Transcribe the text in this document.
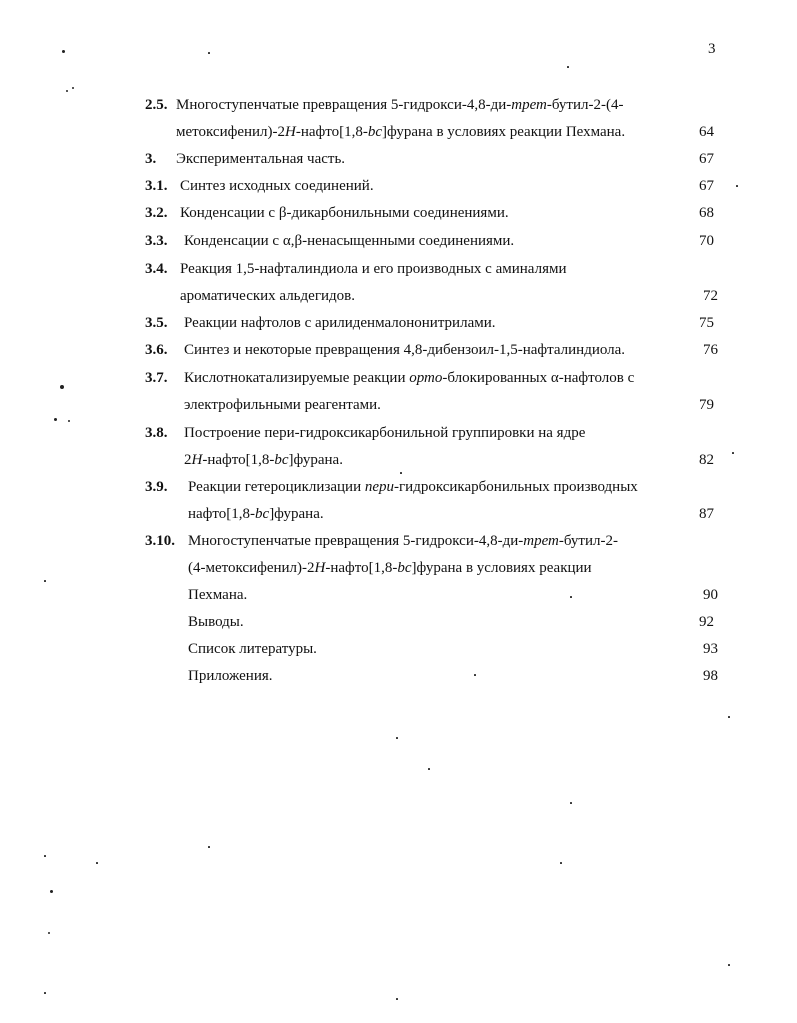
3
2.5. Многоступенчатые превращения 5-гидрокси-4,8-ди-трет-бутил-2-(4-
метоксифенил)-2H-нафто[1,8-bc]фурана в условиях реакции Пехмана.	64
3. Экспериментальная часть.	67
3.1. Синтез исходных соединений.	67
3.2. Конденсации с β-дикарбонильными соединениями.	68
3.3. Конденсации с α,β-ненасыщенными соединениями.	70
3.4. Реакция 1,5-нафталиндиола и его производных с аминалями
ароматических альдегидов.	72
3.5. Реакции нафтолов с арилиденмалононитрилами.	75
3.6. Синтез и некоторые превращения 4,8-дибензоил-1,5-нафталиндиола.	76
3.7. Кислотнокатализируемые реакции орто-блокированных α-нафтолов с
электрофильными реагентами.	79
3.8. Построение пери-гидроксикарбонильной группировки на ядре
2H-нафто[1,8-bc]фурана.	82
3.9. Реакции гетероциклизации пери-гидроксикарбонильных производных
нафто[1,8-bc]фурана.	87
3.10. Многоступенчатые превращения 5-гидрокси-4,8-ди-трет-бутил-2-
(4-метоксифенил)-2H-нафто[1,8-bc]фурана в условиях реакции
Пехмана.	90
Выводы.	92
Список литературы.	93
Приложения.	98
